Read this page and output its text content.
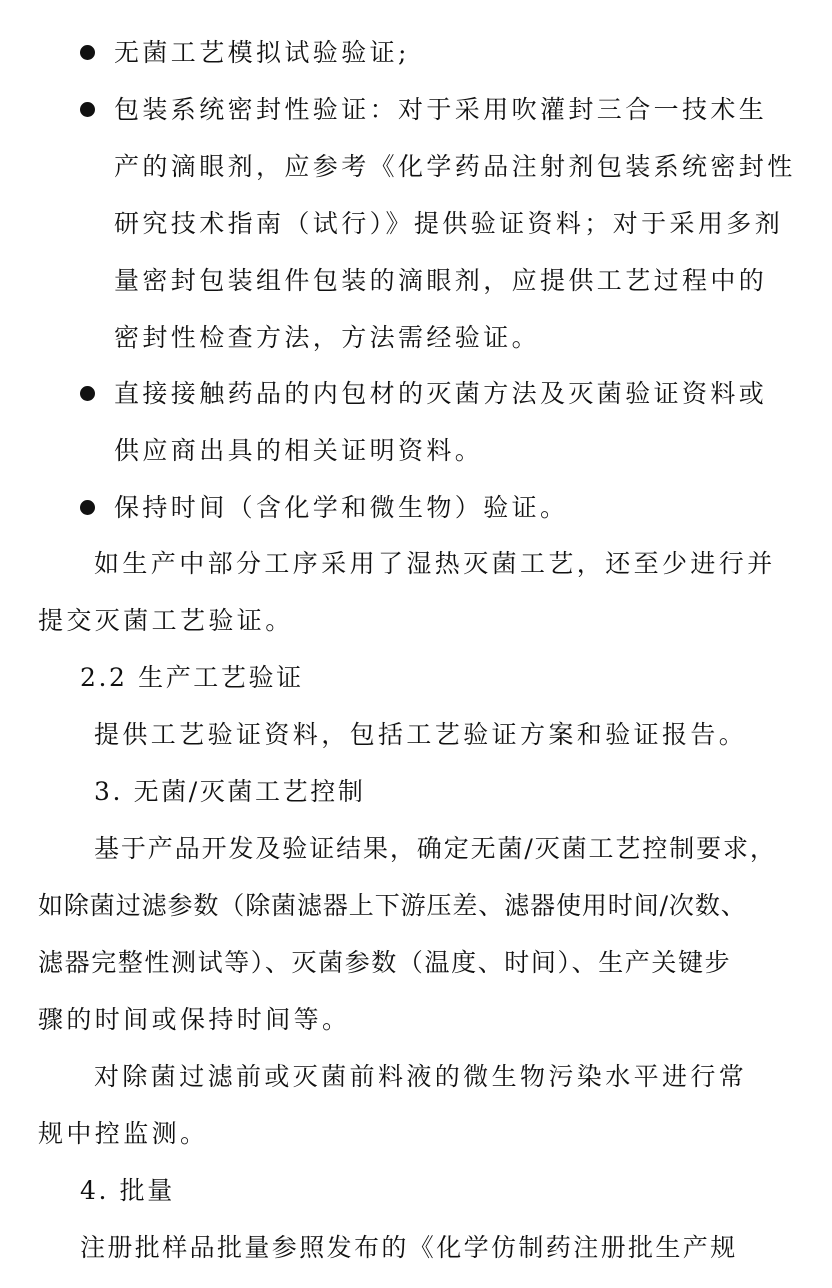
无菌工艺模拟试验验证;
包装系统密封性验证：对于采用吹灌封三合一技术生
产的滴眼剂，应参考《化学药品注射剂包装系统密封性
研究技术指南（试行）》提供验证资料；对于采用多剂
量密封包装组件包装的滴眼剂，应提供工艺过程中的
密封性检查方法，方法需经验证。
直接接触药品的内包材的灭菌方法及灭菌验证资料或
供应商出具的相关证明资料。
保持时间（含化学和微生物）验证。
如生产中部分工序采用了湿热灭菌工艺，还至少进行并
提交灭菌工艺验证。
2.2 生产工艺验证
提供工艺验证资料，包括工艺验证方案和验证报告。
3. 无菌/灭菌工艺控制
基于产品开发及验证结果，确定无菌/灭菌工艺控制要求，
如除菌过滤参数（除菌滤器上下游压差、滤器使用时间/次数、
滤器完整性测试等）、灭菌参数（温度、时间）、生产关键步
骤的时间或保持时间等。
对除菌过滤前或灭菌前料液的微生物污染水平进行常
规中控监测。
4. 批量
注册批样品批量参照发布的《化学仿制药注册批生产规
